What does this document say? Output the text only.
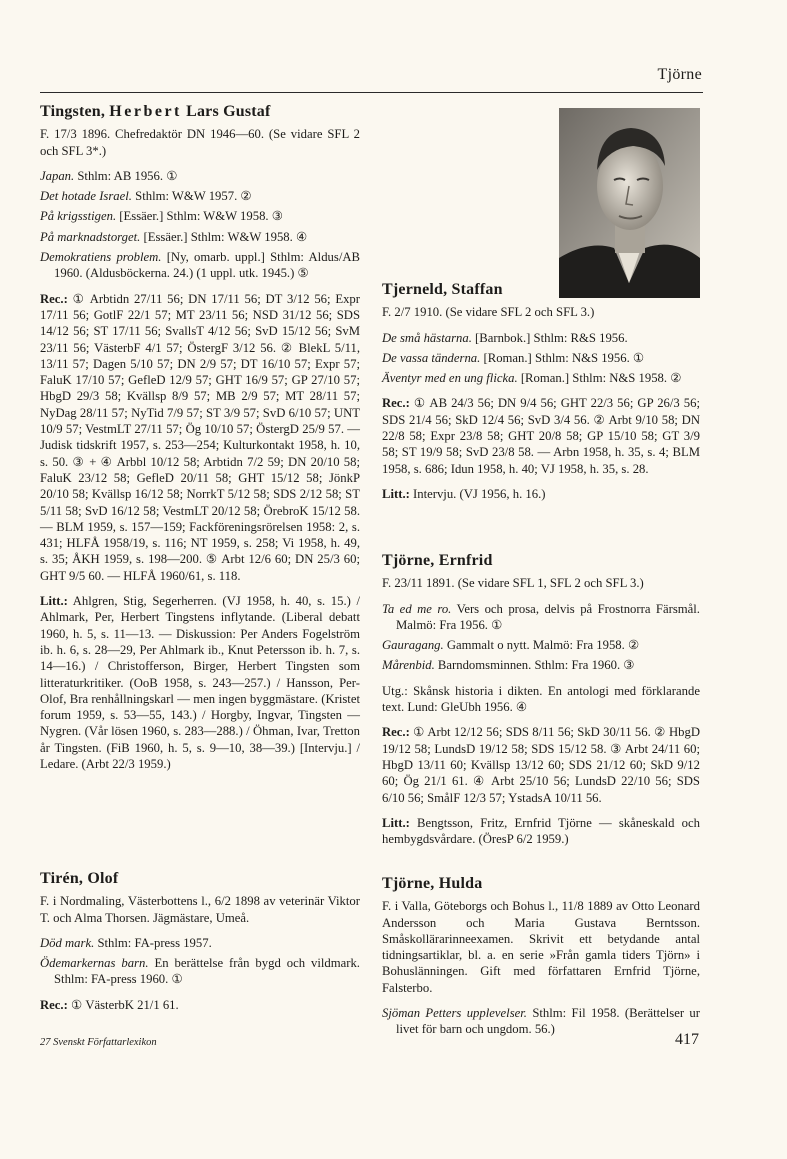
Tjörne
Tingsten, Herbert Lars Gustaf
F. 17/3 1896. Chefredaktör DN 1946—60. (Se vidare SFL 2 och SFL 3*.)
Japan. Sthlm: AB 1956. ①
Det hotade Israel. Sthlm: W&W 1957. ②
På krigsstigen. [Essäer.] Sthlm: W&W 1958. ③
På marknadstorget. [Essäer.] Sthlm: W&W 1958. ④
Demokratiens problem. [Ny, omarb. uppl.] Sthlm: Aldus/AB 1960. (Aldusböckerna. 24.) (1 uppl. utk. 1945.) ⑤
Rec.: ① Arbtidn 27/11 56; DN 17/11 56; DT 3/12 56; Expr 17/11 56; GotlF 22/1 57; MT 23/11 56; NSD 31/12 56; SDS 14/12 56; ST 17/11 56; SvallsT 4/12 56; SvD 15/12 56; SvM 23/11 56; VästerbF 4/1 57; ÖstergF 3/12 56. ② BlekL 5/11, 13/11 57; Dagen 5/10 57; DN 2/9 57; DT 16/10 57; Expr 57; FaluK 17/10 57; GefleD 12/9 57; GHT 16/9 57; GP 27/10 57; HbgD 29/3 58; Kvällsp 8/9 57; MB 2/9 57; MT 28/11 57; NyDag 28/11 57; NyTid 7/9 57; ST 3/9 57; SvD 6/10 57; UNT 10/9 57; VestmLT 27/11 57; Ög 10/10 57; ÖstergD 25/9 57. — Judisk tidskrift 1957, s. 253—254; Kulturkontakt 1958, h. 10, s. 50. ③ + ④ Arbbl 10/12 58; Arbtidn 7/2 59; DN 20/10 58; FaluK 23/12 58; GefleD 20/11 58; GHT 15/12 58; JönkP 20/10 58; Kvällsp 16/12 58; NorrkT 5/12 58; SDS 2/12 58; ST 5/11 58; SvD 16/12 58; VestmLT 20/12 58; ÖrebroK 15/12 58. — BLM 1959, s. 157—159; Fackföreningsrörelsen 1958: 2, s. 431; HLFÅ 1958/19, s. 116; NT 1959, s. 258; Vi 1958, h. 49, s. 35; ÅKH 1959, s. 198—200. ⑤ Arbt 12/6 60; DN 25/3 60; GHT 9/5 60. — HLFÅ 1960/61, s. 118.
Litt.: Ahlgren, Stig, Segerherren. (VJ 1958, h. 40, s. 15.) / Ahlmark, Per, Herbert Tingstens inflytande. (Liberal debatt 1960, h. 5, s. 11—13. — Diskussion: Per Anders Fogelström ib. h. 6, s. 28—29, Per Ahlmark ib., Knut Petersson ib. h. 7, s. 14—16.) / Christofferson, Birger, Herbert Tingsten som litteraturkritiker. (OoB 1958, s. 243—257.) / Hansson, Per-Olof, Bra renhållningskarl — men ingen byggmästare. (Kristet forum 1959, s. 53—55, 143.) / Horgby, Ingvar, Tingsten — Nygren. (Vår lösen 1960, s. 283—288.) / Öhman, Ivar, Tretton år Tingsten. (FiB 1960, h. 5, s. 9—10, 38—39.) [Intervju.] / Ledare. (Arbt 22/3 1959.)
Tirén, Olof
F. i Nordmaling, Västerbottens l., 6/2 1898 av veterinär Viktor T. och Alma Thorsen. Jägmästare, Umeå.
Död mark. Sthlm: FA-press 1957.
Ödemarkernas barn. En berättelse från bygd och vildmark. Sthlm: FA-press 1960. ①
Rec.: ① VästerbK 21/1 61.
Tjerneld, Staffan
F. 2/7 1910. (Se vidare SFL 2 och SFL 3.)
De små hästarna. [Barnbok.] Sthlm: R&S 1956.
De vassa tänderna. [Roman.] Sthlm: N&S 1956. ①
Äventyr med en ung flicka. [Roman.] Sthlm: N&S 1958. ②
Rec.: ① AB 24/3 56; DN 9/4 56; GHT 22/3 56; GP 26/3 56; SDS 21/4 56; SkD 12/4 56; SvD 3/4 56. ② Arbt 9/10 58; DN 22/8 58; Expr 23/8 58; GHT 20/8 58; GP 15/10 58; GT 3/9 58; ST 19/9 58; SvD 23/8 58. — Arbn 1958, h. 35, s. 4; BLM 1958, s. 686; Idun 1958, h. 40; VJ 1958, h. 35, s. 28.
Litt.: Intervju. (VJ 1956, h. 16.)
Tjörne, Ernfrid
F. 23/11 1891. (Se vidare SFL 1, SFL 2 och SFL 3.)
Ta ed me ro. Vers och prosa, delvis på Frostnorra Färsmål. Malmö: Fra 1956. ①
Gauragang. Gammalt o nytt. Malmö: Fra 1958. ②
Mårenbid. Barndomsminnen. Sthlm: Fra 1960. ③
Utg.: Skånsk historia i dikten. En antologi med förklarande text. Lund: GleUbh 1956. ④
Rec.: ① Arbt 12/12 56; SDS 8/11 56; SkD 30/11 56. ② HbgD 19/12 58; LundsD 19/12 58; SDS 15/12 58. ③ Arbt 24/11 60; HbgD 13/11 60; Kvällsp 13/12 60; SDS 21/12 60; SkD 9/12 60; Ög 21/1 61. ④ Arbt 25/10 56; LundsD 22/10 56; SDS 6/10 56; SmålF 12/3 57; YstadsA 10/11 56.
Litt.: Bengtsson, Fritz, Ernfrid Tjörne — skåneskald och hembygdsvårdare. (ÖresP 6/2 1959.)
Tjörne, Hulda
F. i Valla, Göteborgs och Bohus l., 11/8 1889 av Otto Leonard Andersson och Maria Gustava Berntsson. Småskollärarinneexamen. Skrivit ett betydande antal tidningsartiklar, bl. a. en serie »Från gamla tiders Tjörn» i Bohuslänningen. Gift med författaren Ernfrid Tjörne, Falsterbo.
Sjöman Petters upplevelser. Sthlm: Fil 1958. (Berättelser ur livet för barn och ungdom. 56.)
27 Svenskt Författarlexikon	417
